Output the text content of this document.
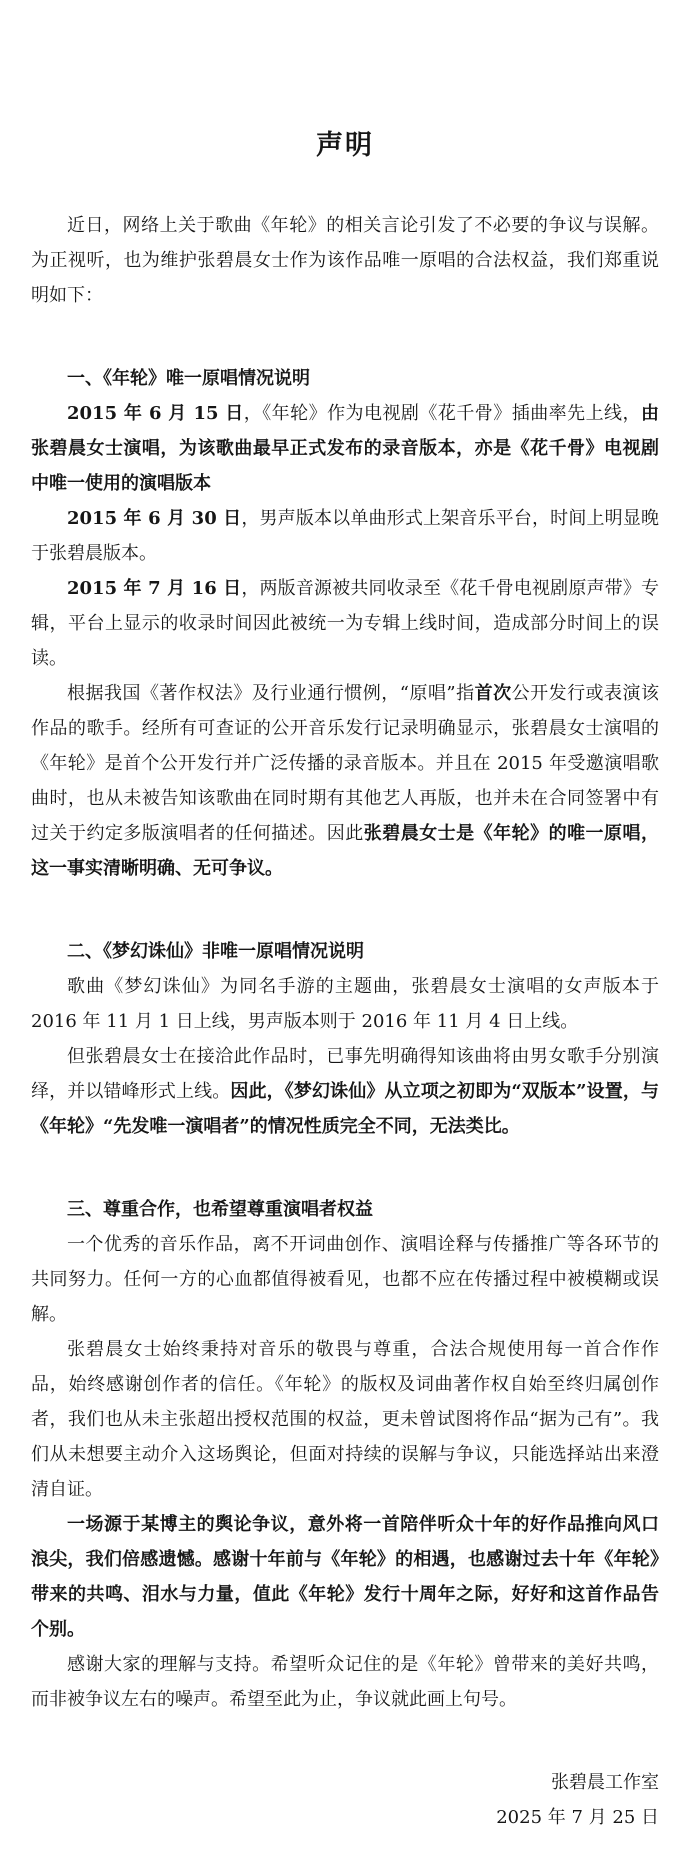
声明

近日，网络上关于歌曲《年轮》的相关言论引发了不必要的争议与误解。为正视听，也为维护张碧晨女士作为该作品唯一原唱的合法权益，我们郑重说明如下：

一、《年轮》唯一原唱情况说明

2015 年 6 月 15 日，《年轮》作为电视剧《花千骨》插曲率先上线，由张碧晨女士演唱，为该歌曲最早正式发布的录音版本，亦是《花千骨》电视剧中唯一使用的演唱版本

2015 年 6 月 30 日，男声版本以单曲形式上架音乐平台，时间上明显晚于张碧晨版本。

2015 年 7 月 16 日，两版音源被共同收录至《花千骨电视剧原声带》专辑，平台上显示的收录时间因此被统一为专辑上线时间，造成部分时间上的误读。

根据我国《著作权法》及行业通行惯例，“原唱”指首次公开发行或表演该作品的歌手。经所有可查证的公开音乐发行记录明确显示，张碧晨女士演唱的《年轮》是首个公开发行并广泛传播的录音版本。并且在 2015 年受邀演唱歌曲时，也从未被告知该歌曲在同时期有其他艺人再版，也并未在合同签署中有过关于约定多版演唱者的任何描述。因此张碧晨女士是《年轮》的唯一原唱，这一事实清晰明确、无可争议。

二、《梦幻诛仙》非唯一原唱情况说明

歌曲《梦幻诛仙》为同名手游的主题曲，张碧晨女士演唱的女声版本于 2016 年 11 月 1 日上线，男声版本则于 2016 年 11 月 4 日上线。

但张碧晨女士在接洽此作品时，已事先明确得知该曲将由男女歌手分别演绎，并以错峰形式上线。因此，《梦幻诛仙》从立项之初即为“双版本”设置，与《年轮》“先发唯一演唱者”的情况性质完全不同，无法类比。

三、尊重合作，也希望尊重演唱者权益

一个优秀的音乐作品，离不开词曲创作、演唱诠释与传播推广等各环节的共同努力。任何一方的心血都值得被看见，也都不应在传播过程中被模糊或误解。

张碧晨女士始终秉持对音乐的敬畏与尊重，合法合规使用每一首合作作品，始终感谢创作者的信任。《年轮》的版权及词曲著作权自始至终归属创作者，我们也从未主张超出授权范围的权益，更未曾试图将作品“据为己有”。我们从未想要主动介入这场舆论，但面对持续的误解与争议，只能选择站出来澄清自证。

一场源于某博主的舆论争议，意外将一首陪伴听众十年的好作品推向风口浪尖，我们倍感遗憾。感谢十年前与《年轮》的相遇，也感谢过去十年《年轮》带来的共鸣、泪水与力量，值此《年轮》发行十周年之际，好好和这首作品告个别。

感谢大家的理解与支持。希望听众记住的是《年轮》曾带来的美好共鸣，而非被争议左右的噪声。希望至此为止，争议就此画上句号。

张碧晨工作室

2025 年 7 月 25 日
